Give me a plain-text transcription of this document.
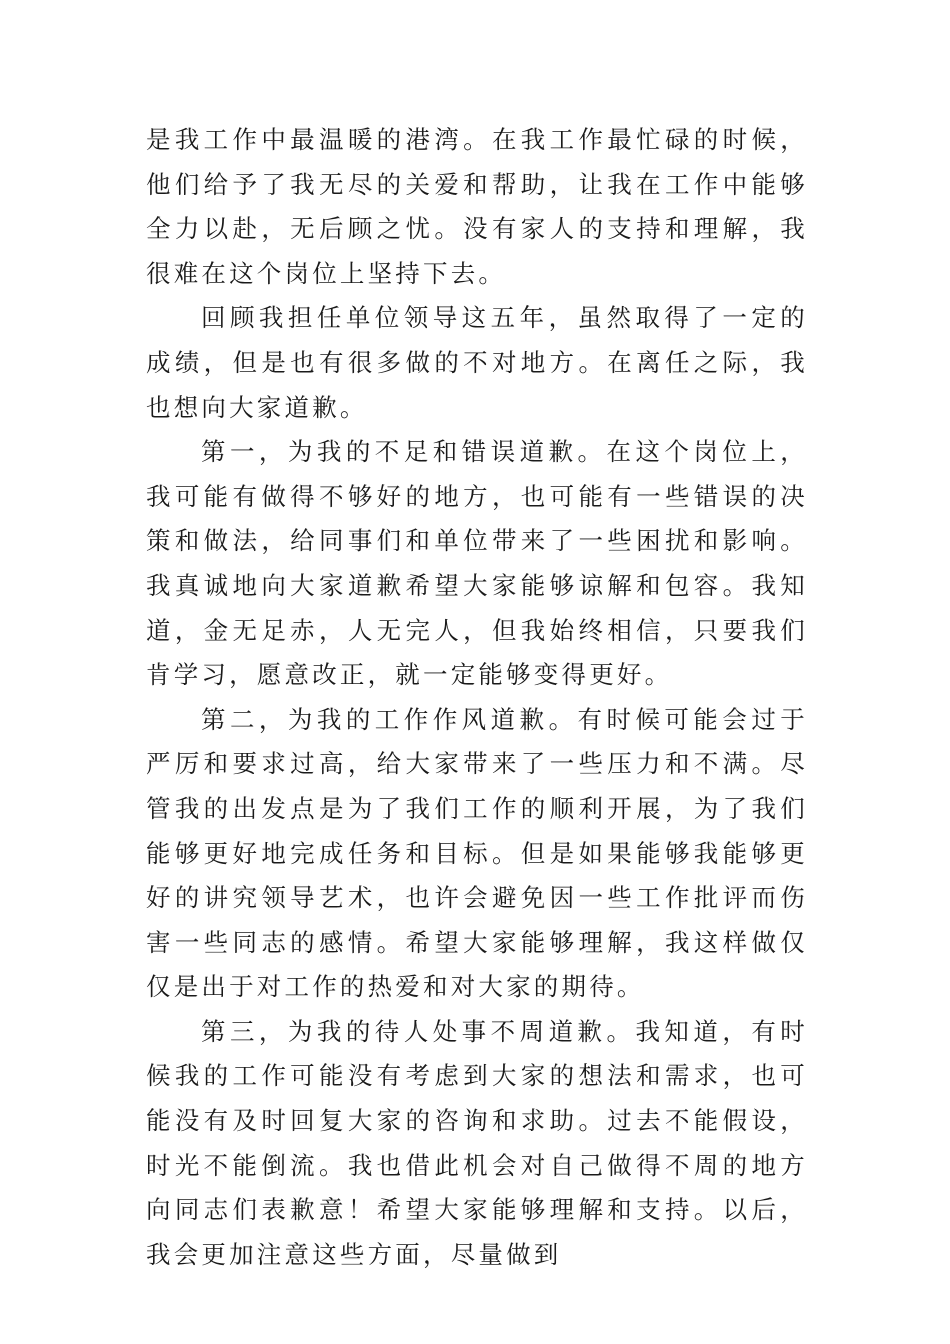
是我工作中最温暖的港湾。在我工作最忙碌的时候，他们给予了我无尽的关爱和帮助，让我在工作中能够全力以赴，无后顾之忧。没有家人的支持和理解，我很难在这个岗位上坚持下去。

回顾我担任单位领导这五年，虽然取得了一定的成绩，但是也有很多做的不对地方。在离任之际，我也想向大家道歉。

第一，为我的不足和错误道歉。在这个岗位上，我可能有做得不够好的地方，也可能有一些错误的决策和做法，给同事们和单位带来了一些困扰和影响。我真诚地向大家道歉希望大家能够谅解和包容。我知道，金无足赤，人无完人，但我始终相信，只要我们肯学习，愿意改正，就一定能够变得更好。

第二，为我的工作作风道歉。有时候可能会过于严厉和要求过高，给大家带来了一些压力和不满。尽管我的出发点是为了我们工作的顺利开展，为了我们能够更好地完成任务和目标。但是如果能够我能够更好的讲究领导艺术，也许会避免因一些工作批评而伤害一些同志的感情。希望大家能够理解，我这样做仅仅是出于对工作的热爱和对大家的期待。

第三，为我的待人处事不周道歉。我知道，有时候我的工作可能没有考虑到大家的想法和需求，也可能没有及时回复大家的咨询和求助。过去不能假设，时光不能倒流。我也借此机会对自己做得不周的地方向同志们表歉意！希望大家能够理解和支持。以后，我会更加注意这些方面，尽量做到
